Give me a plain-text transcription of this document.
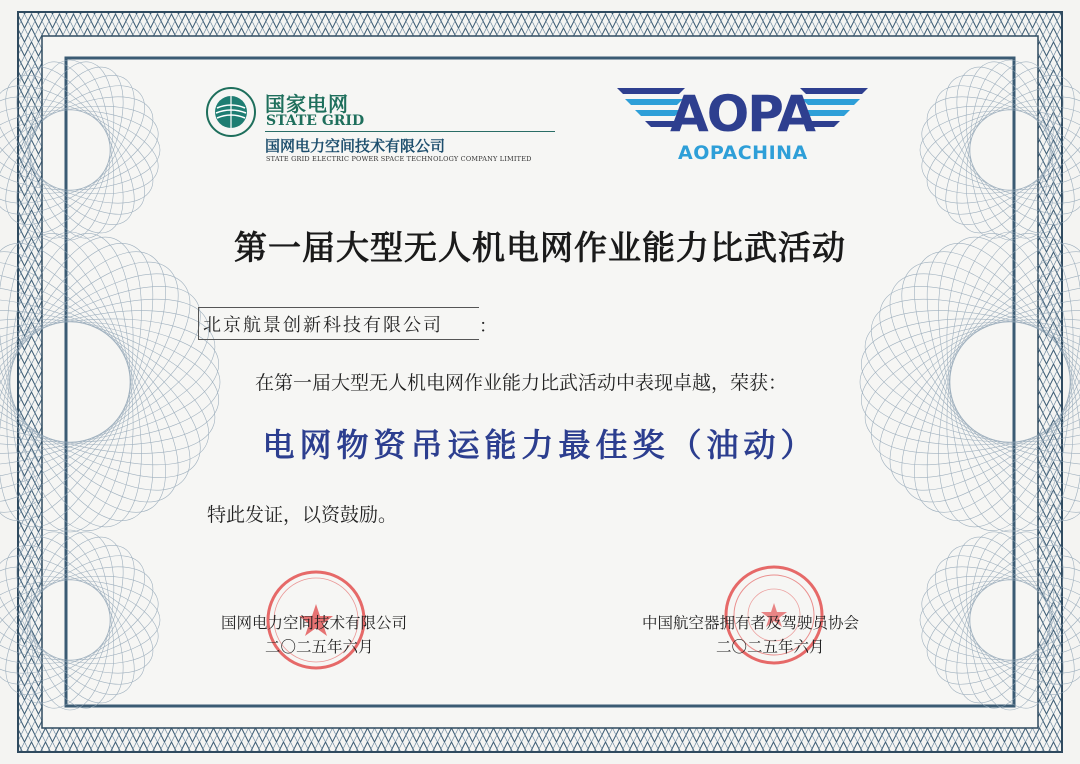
国家电网
STATE GRID
国网电力空间技术有限公司
STATE GRID ELECTRIC POWER SPACE TECHNOLOGY COMPANY LIMITED
AOPA
AOPACHINA
第一届大型无人机电网作业能力比武活动
北京航景创新科技有限公司 ：
在第一届大型无人机电网作业能力比武活动中表现卓越，荣获：
电网物资吊运能力最佳奖（油动）
特此发证，以资鼓励。
国网电力空间技术有限公司
二〇二五年六月
中国航空器拥有者及驾驶员协会
二〇二五年六月
